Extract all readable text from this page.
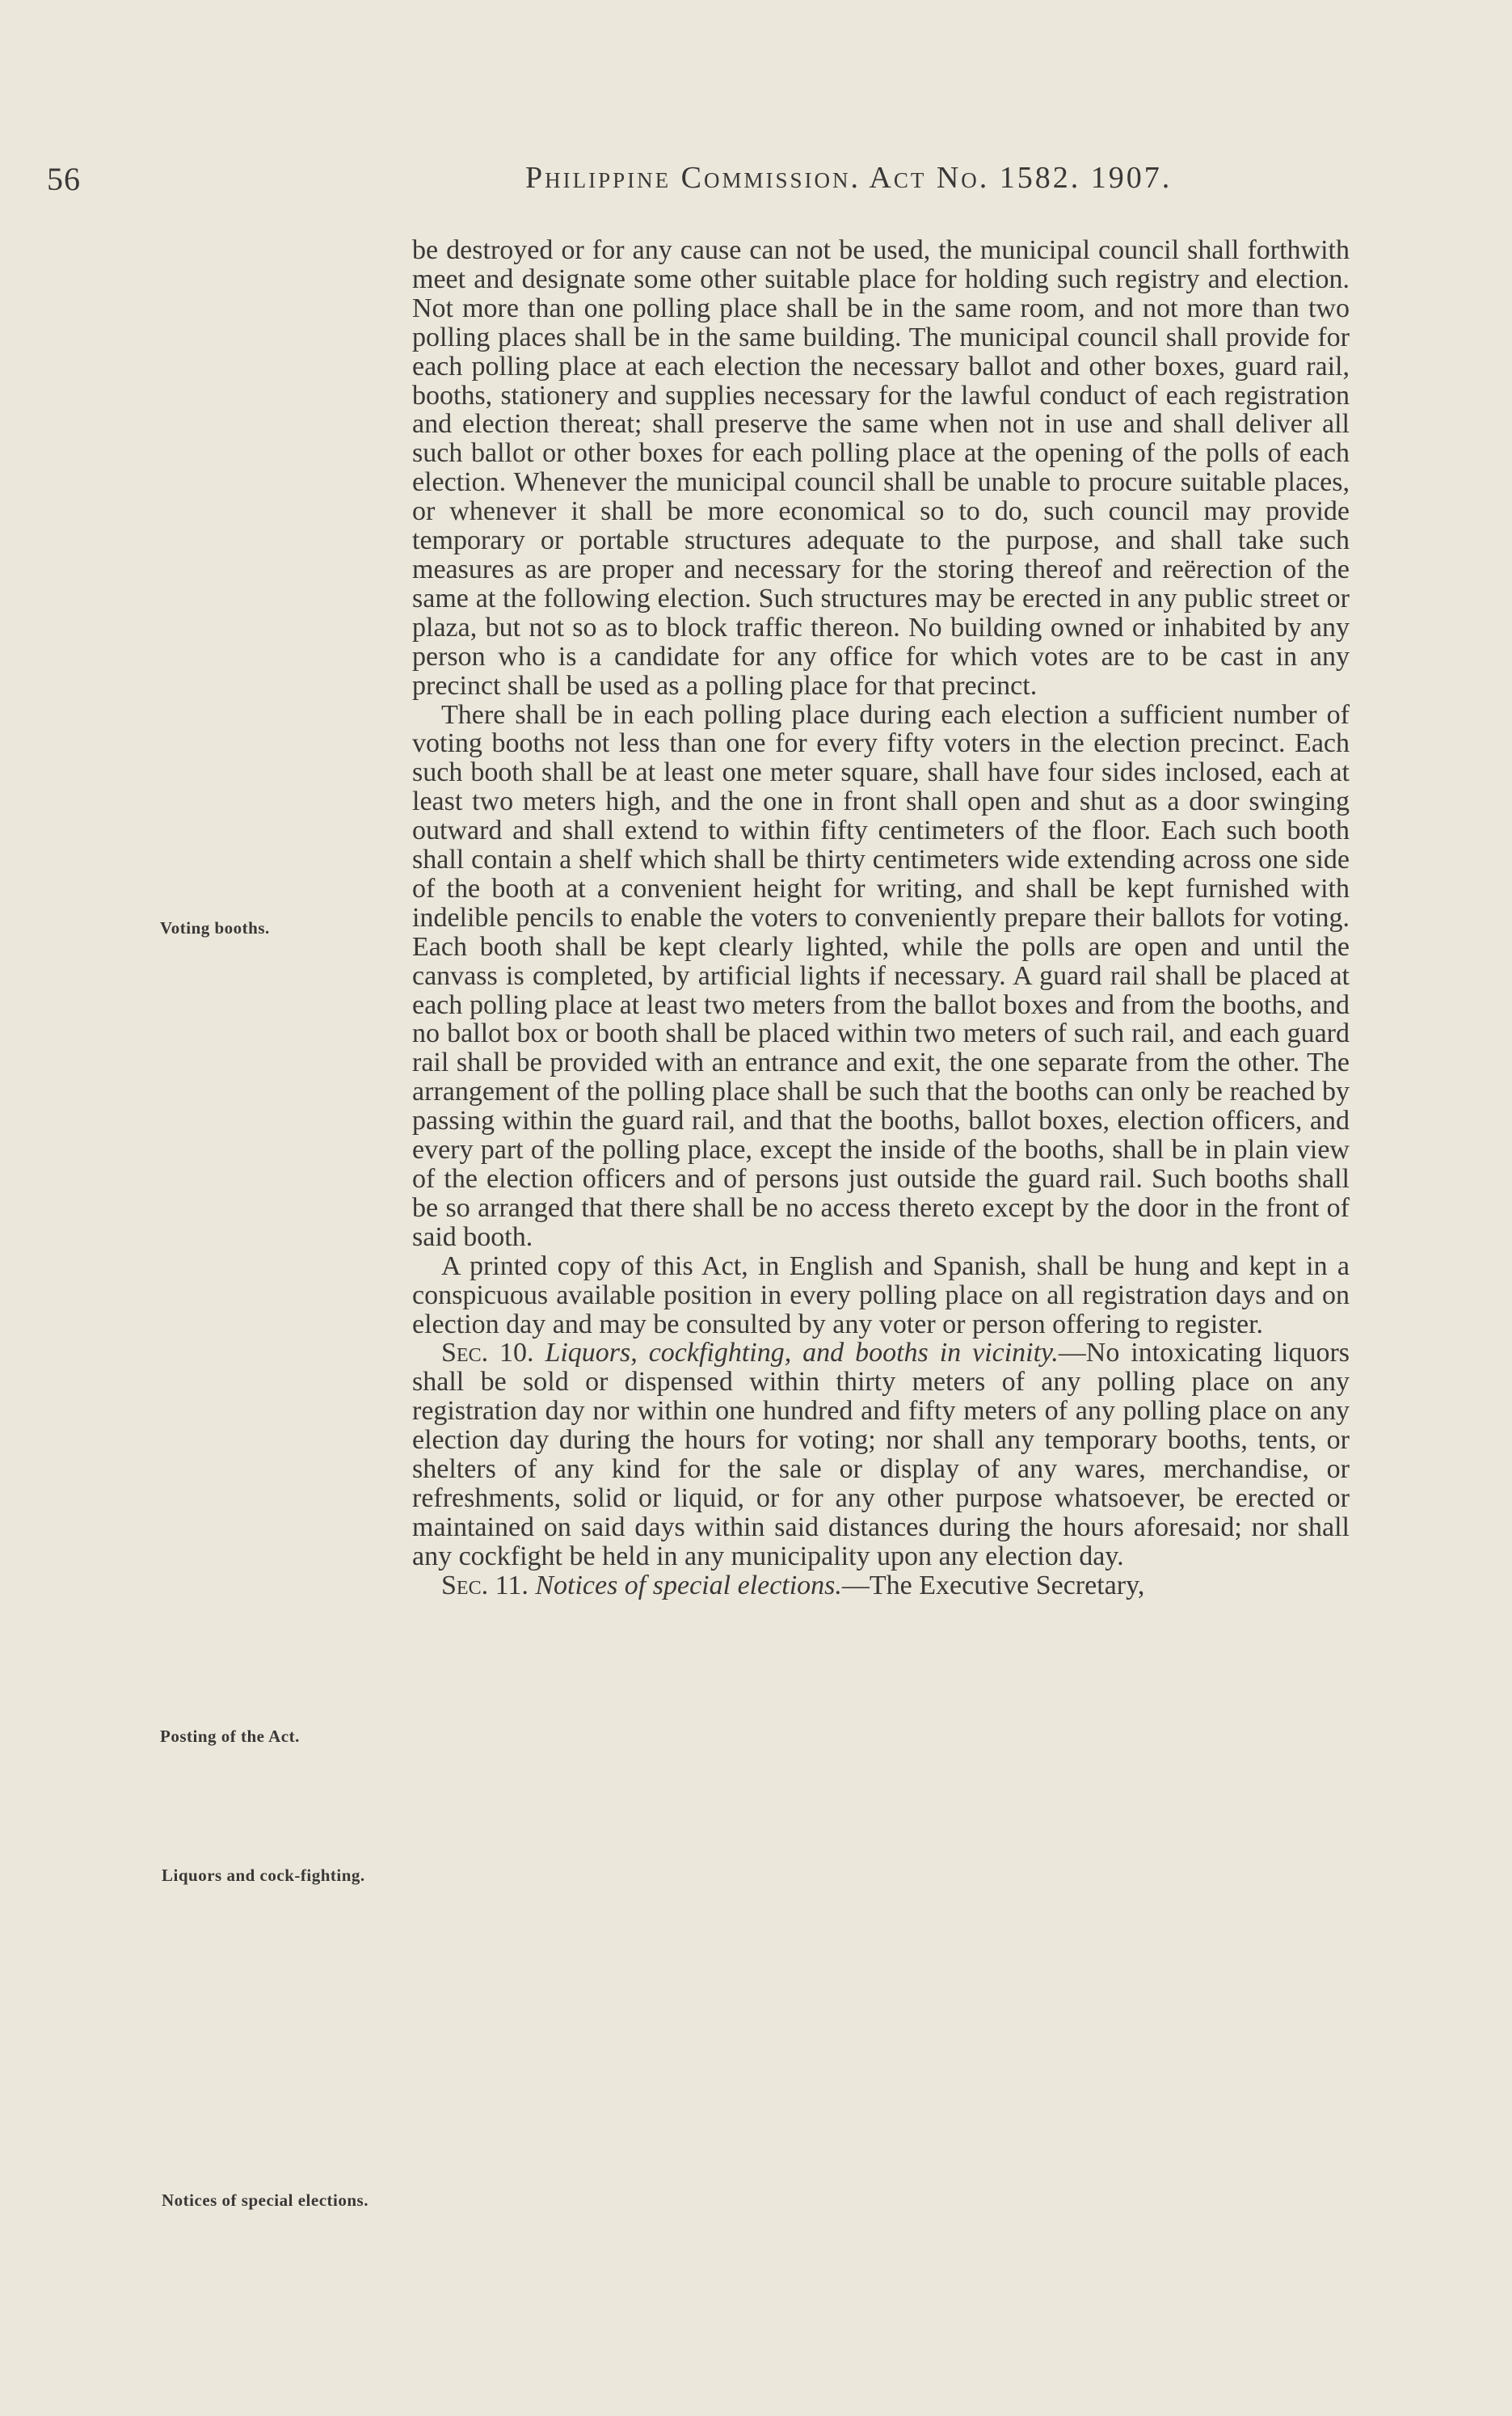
56	Philippine Commission. Act No. 1582. 1907.
Voting booths.
Posting of the Act.
Liquors and cock-fighting.
Notices of special elections.

be destroyed or for any cause can not be used, the municipal council shall forthwith meet and designate some other suitable place for holding such registry and election. Not more than one polling place shall be in the same room, and not more than two polling places shall be in the same building. The municipal council shall provide for each polling place at each election the necessary ballot and other boxes, guard rail, booths, stationery and supplies necessary for the lawful conduct of each registration and election thereat; shall preserve the same when not in use and shall deliver all such ballot or other boxes for each polling place at the opening of the polls of each election. Whenever the municipal council shall be unable to procure suitable places, or whenever it shall be more economical so to do, such council may provide temporary or portable structures adequate to the purpose, and shall take such measures as are proper and necessary for the storing thereof and reërection of the same at the following election. Such structures may be erected in any public street or plaza, but not so as to block traffic thereon. No building owned or inhabited by any person who is a candidate for any office for which votes are to be cast in any precinct shall be used as a polling place for that precinct.

There shall be in each polling place during each election a sufficient number of voting booths not less than one for every fifty voters in the election precinct. Each such booth shall be at least one meter square, shall have four sides inclosed, each at least two meters high, and the one in front shall open and shut as a door swinging outward and shall extend to within fifty centimeters of the floor. Each such booth shall contain a shelf which shall be thirty centimeters wide extending across one side of the booth at a convenient height for writing, and shall be kept furnished with indelible pencils to enable the voters to conveniently prepare their ballots for voting. Each booth shall be kept clearly lighted, while the polls are open and until the canvass is completed, by artificial lights if necessary. A guard rail shall be placed at each polling place at least two meters from the ballot boxes and from the booths, and no ballot box or booth shall be placed within two meters of such rail, and each guard rail shall be provided with an entrance and exit, the one separate from the other. The arrangement of the polling place shall be such that the booths can only be reached by passing within the guard rail, and that the booths, ballot boxes, election officers, and every part of the polling place, except the inside of the booths, shall be in plain view of the election officers and of persons just outside the guard rail. Such booths shall be so arranged that there shall be no access thereto except by the door in the front of said booth.

A printed copy of this Act, in English and Spanish, shall be hung and kept in a conspicuous available position in every polling place on all registration days and on election day and may be consulted by any voter or person offering to register.

Sec. 10. Liquors, cockfighting, and booths in vicinity.—No intoxicating liquors shall be sold or dispensed within thirty meters of any polling place on any registration day nor within one hundred and fifty meters of any polling place on any election day during the hours for voting; nor shall any temporary booths, tents, or shelters of any kind for the sale or display of any wares, merchandise, or refreshments, solid or liquid, or for any other purpose whatsoever, be erected or maintained on said days within said distances during the hours aforesaid; nor shall any cockfight be held in any municipality upon any election day.

Sec. 11. Notices of special elections.—The Executive Secretary,
